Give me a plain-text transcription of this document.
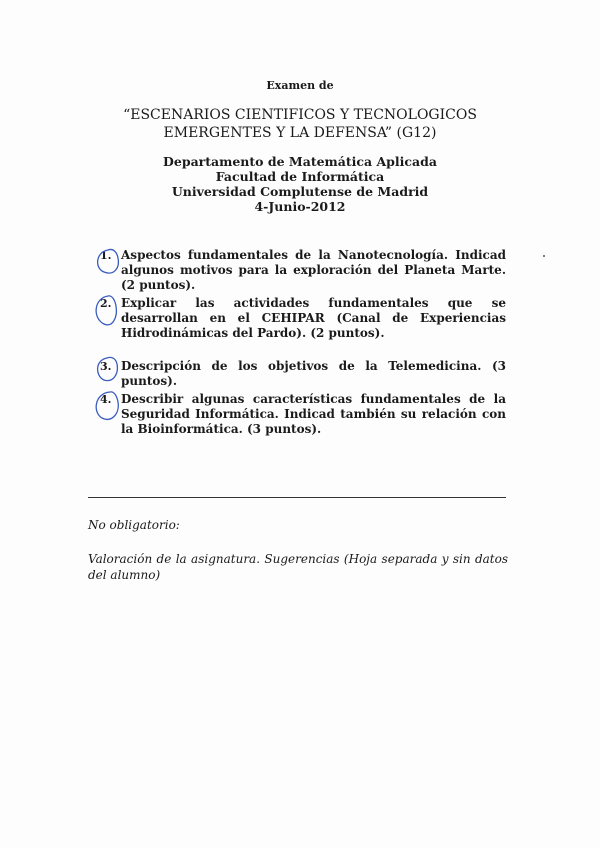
Examen de
“ESCENARIOS CIENTIFICOS Y TECNOLOGICOS
EMERGENTES Y LA DEFENSA” (G12)
Departamento de Matemática Aplicada
Facultad de Informática
Universidad Complutense de Madrid
4-Junio-2012
1. Aspectos fundamentales de la Nanotecnología. Indicad algunos motivos para la exploración del Planeta Marte. (2 puntos).
2. Explicar las actividades fundamentales que se desarrollan en el CEHIPAR (Canal de Experiencias Hidrodinámicas del Pardo). (2 puntos).
3. Descripción de los objetivos de la Telemedicina. (3 puntos).
4. Describir algunas características fundamentales de la Seguridad Informática. Indicad también su relación con la Bioinformática. (3 puntos).
No obligatorio:
Valoración de la asignatura. Sugerencias (Hoja separada y sin datos del alumno)
